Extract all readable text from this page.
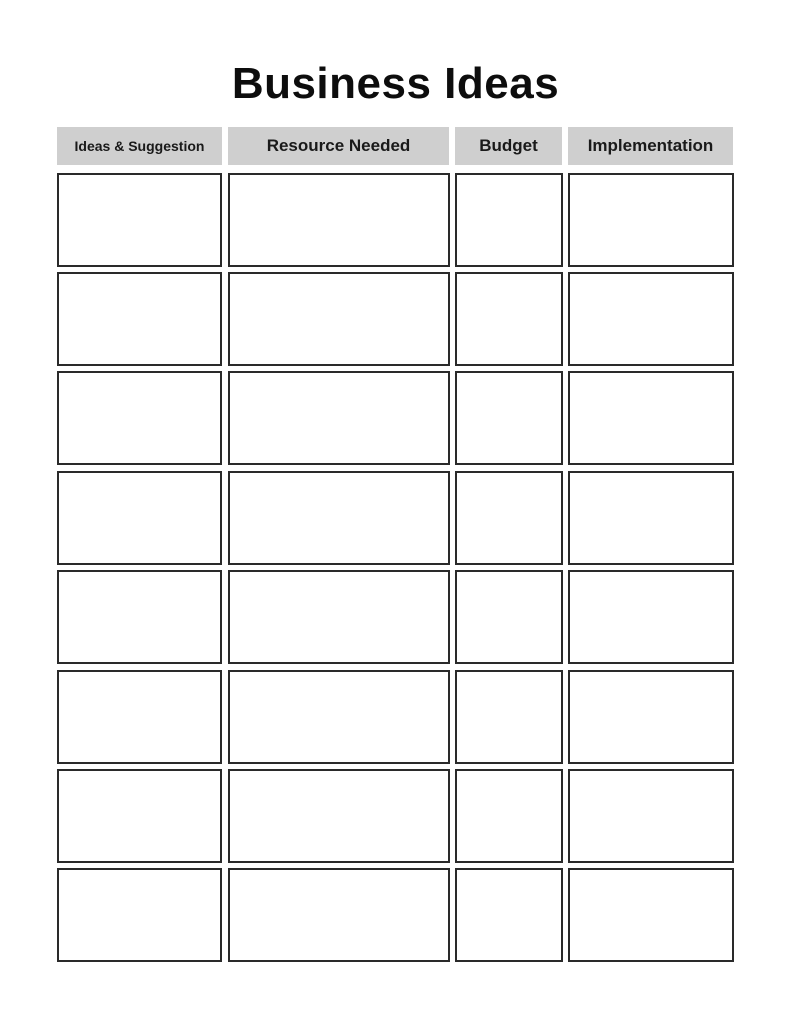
Business Ideas
Ideas & Suggestion	Resource Needed	Budget	Implementation
